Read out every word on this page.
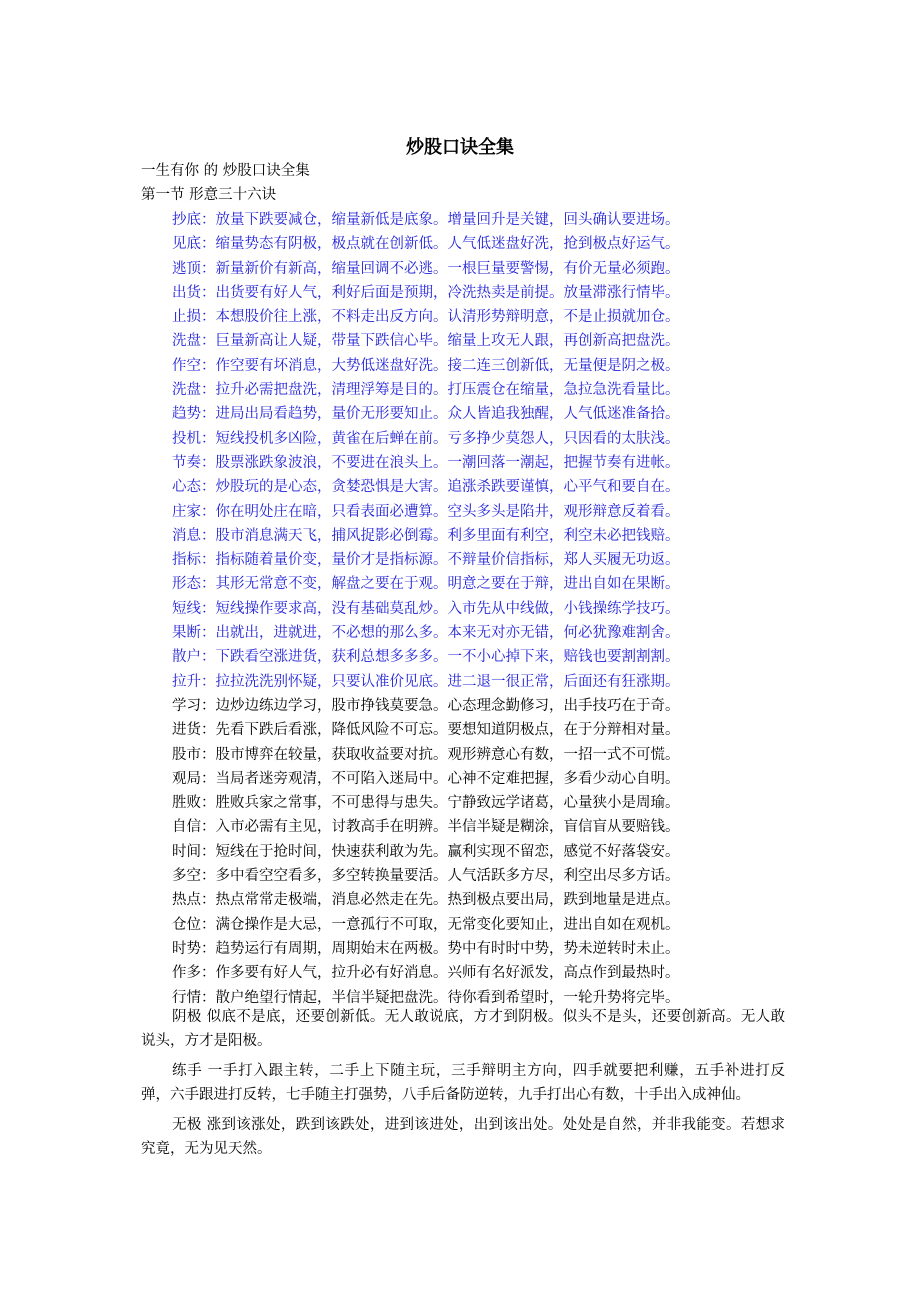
炒股口诀全集
一生有你 的 炒股口诀全集
第一节 形意三十六诀
抄底：放量下跌要减仓，缩量新低是底象。增量回升是关键，回头确认要进场。
见底：缩量势态有阴极，极点就在创新低。人气低迷盘好洗，抢到极点好运气。
逃顶：新量新价有新高，缩量回调不必逃。一根巨量要警惕，有价无量必须跑。
出货：出货要有好人气，利好后面是预期，冷洗热卖是前提。放量滞涨行情毕。
止损：本想股价往上涨，不料走出反方向。认清形势辩明意，不是止损就加仓。
洗盘：巨量新高让人疑，带量下跌信心毕。缩量上攻无人跟，再创新高把盘洗。
作空：作空要有坏消息，大势低迷盘好洗。接二连三创新低，无量便是阴之极。
洗盘：拉升必需把盘洗，清理浮筹是目的。打压震仓在缩量，急拉急洗看量比。
趋势：进局出局看趋势，量价无形要知止。众人皆追我独醒，人气低迷准备拾。
投机：短线投机多凶险，黄雀在后蝉在前。亏多挣少莫怨人，只因看的太肤浅。
节奏：股票涨跌象波浪，不要进在浪头上。一潮回落一潮起，把握节奏有进帐。
心态：炒股玩的是心态，贪婪恐惧是大害。追涨杀跌要谨慎，心平气和要自在。
庄家：你在明处庄在暗，只看表面必遭算。空头多头是陷井，观形辩意反着看。
消息：股市消息满天飞，捕风捉影必倒霉。利多里面有利空，利空未必把钱赔。
指标：指标随着量价变，量价才是指标源。不辩量价信指标，郑人买履无功返。
形态：其形无常意不变，解盘之要在于观。明意之要在于辩，进出自如在果断。
短线：短线操作要求高，没有基础莫乱炒。入市先从中线做，小钱操练学技巧。
果断：出就出，进就进，不必想的那么多。本来无对亦无错，何必犹豫难割舍。
散户：下跌看空涨进货，获利总想多多多。一不小心掉下来，赔钱也要割割割。
拉升：拉拉洗洗别怀疑，只要认准价见底。进二退一很正常，后面还有狂涨期。
学习：边炒边练边学习，股市挣钱莫要急。心态理念勤修习，出手技巧在于奇。
进货：先看下跌后看涨，降低风险不可忘。要想知道阴极点，在于分辩相对量。
股市：股市博弈在较量，获取收益要对抗。观形辨意心有数，一招一式不可慌。
观局：当局者迷旁观清，不可陷入迷局中。心神不定难把握，多看少动心自明。
胜败：胜败兵家之常事，不可患得与患失。宁静致远学诸葛，心量狭小是周瑜。
自信：入市必需有主见，讨教高手在明辨。半信半疑是糊涂，盲信盲从要赔钱。
时间：短线在于抢时间，快速获利敢为先。赢利实现不留恋，感觉不好落袋安。
多空：多中看空空看多，多空转换量要活。人气活跃多方尽，利空出尽多方话。
热点：热点常常走极端，消息必然走在先。热到极点要出局，跌到地量是进点。
仓位：满仓操作是大忌，一意孤行不可取，无常变化要知止，进出自如在观机。
时势：趋势运行有周期，周期始末在两极。势中有时时中势，势未逆转时未止。
作多：作多要有好人气，拉升必有好消息。兴师有名好派发，高点作到最热时。
行情：散户绝望行情起，半信半疑把盘洗。待你看到希望时，一轮升势将完毕。
阴极 似底不是底，还要创新低。无人敢说底，方才到阴极。似头不是头，还要创新高。无人敢说头，方才是阳极。
练手 一手打入跟主转，二手上下随主玩，三手辩明主方向，四手就要把利赚，五手补进打反弹，六手跟进打反转，七手随主打强势，八手后备防逆转，九手打出心有数，十手出入成神仙。
无极 涨到该涨处，跌到该跌处，进到该进处，出到该出处。处处是自然，并非我能变。若想求究竟，无为见天然。
